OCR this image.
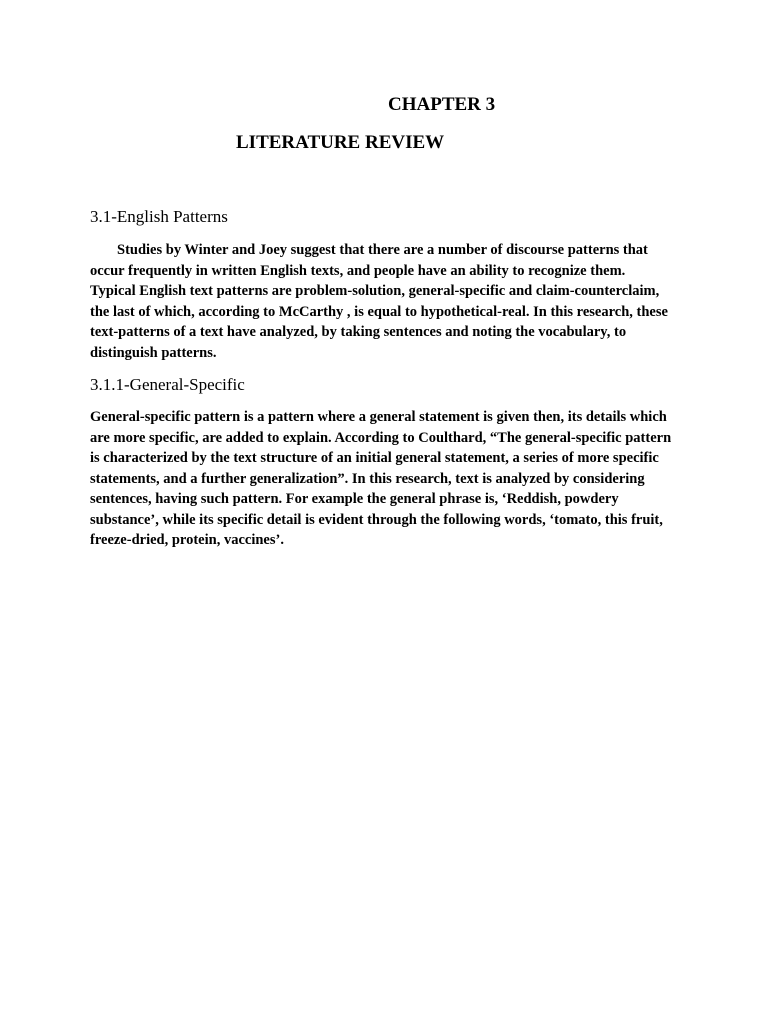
CHAPTER 3
LITERATURE REVIEW
3.1-English Patterns

Studies by Winter and Joey suggest that there are a number of discourse patterns that occur frequently in written English texts, and people have an ability to recognize them. Typical English text patterns are problem-solution, general-specific and claim-counterclaim, the last of which, according to McCarthy , is equal to hypothetical-real. In this research, these text-patterns of a text have analyzed, by taking sentences and noting the vocabulary, to distinguish patterns.

3.1.1-General-Specific

General-specific pattern is a pattern where a general statement is given then, its details which are more specific, are added to explain. According to Coulthard, “The general-specific pattern is characterized by the text structure of an initial general statement, a series of more specific statements, and a further generalization”. In this research, text is analyzed by considering sentences, having such pattern. For example the general phrase is, ‘Reddish, powdery substance’, while its specific detail is evident through the following words, ‘tomato, this fruit, freeze-dried, protein, vaccines’.
